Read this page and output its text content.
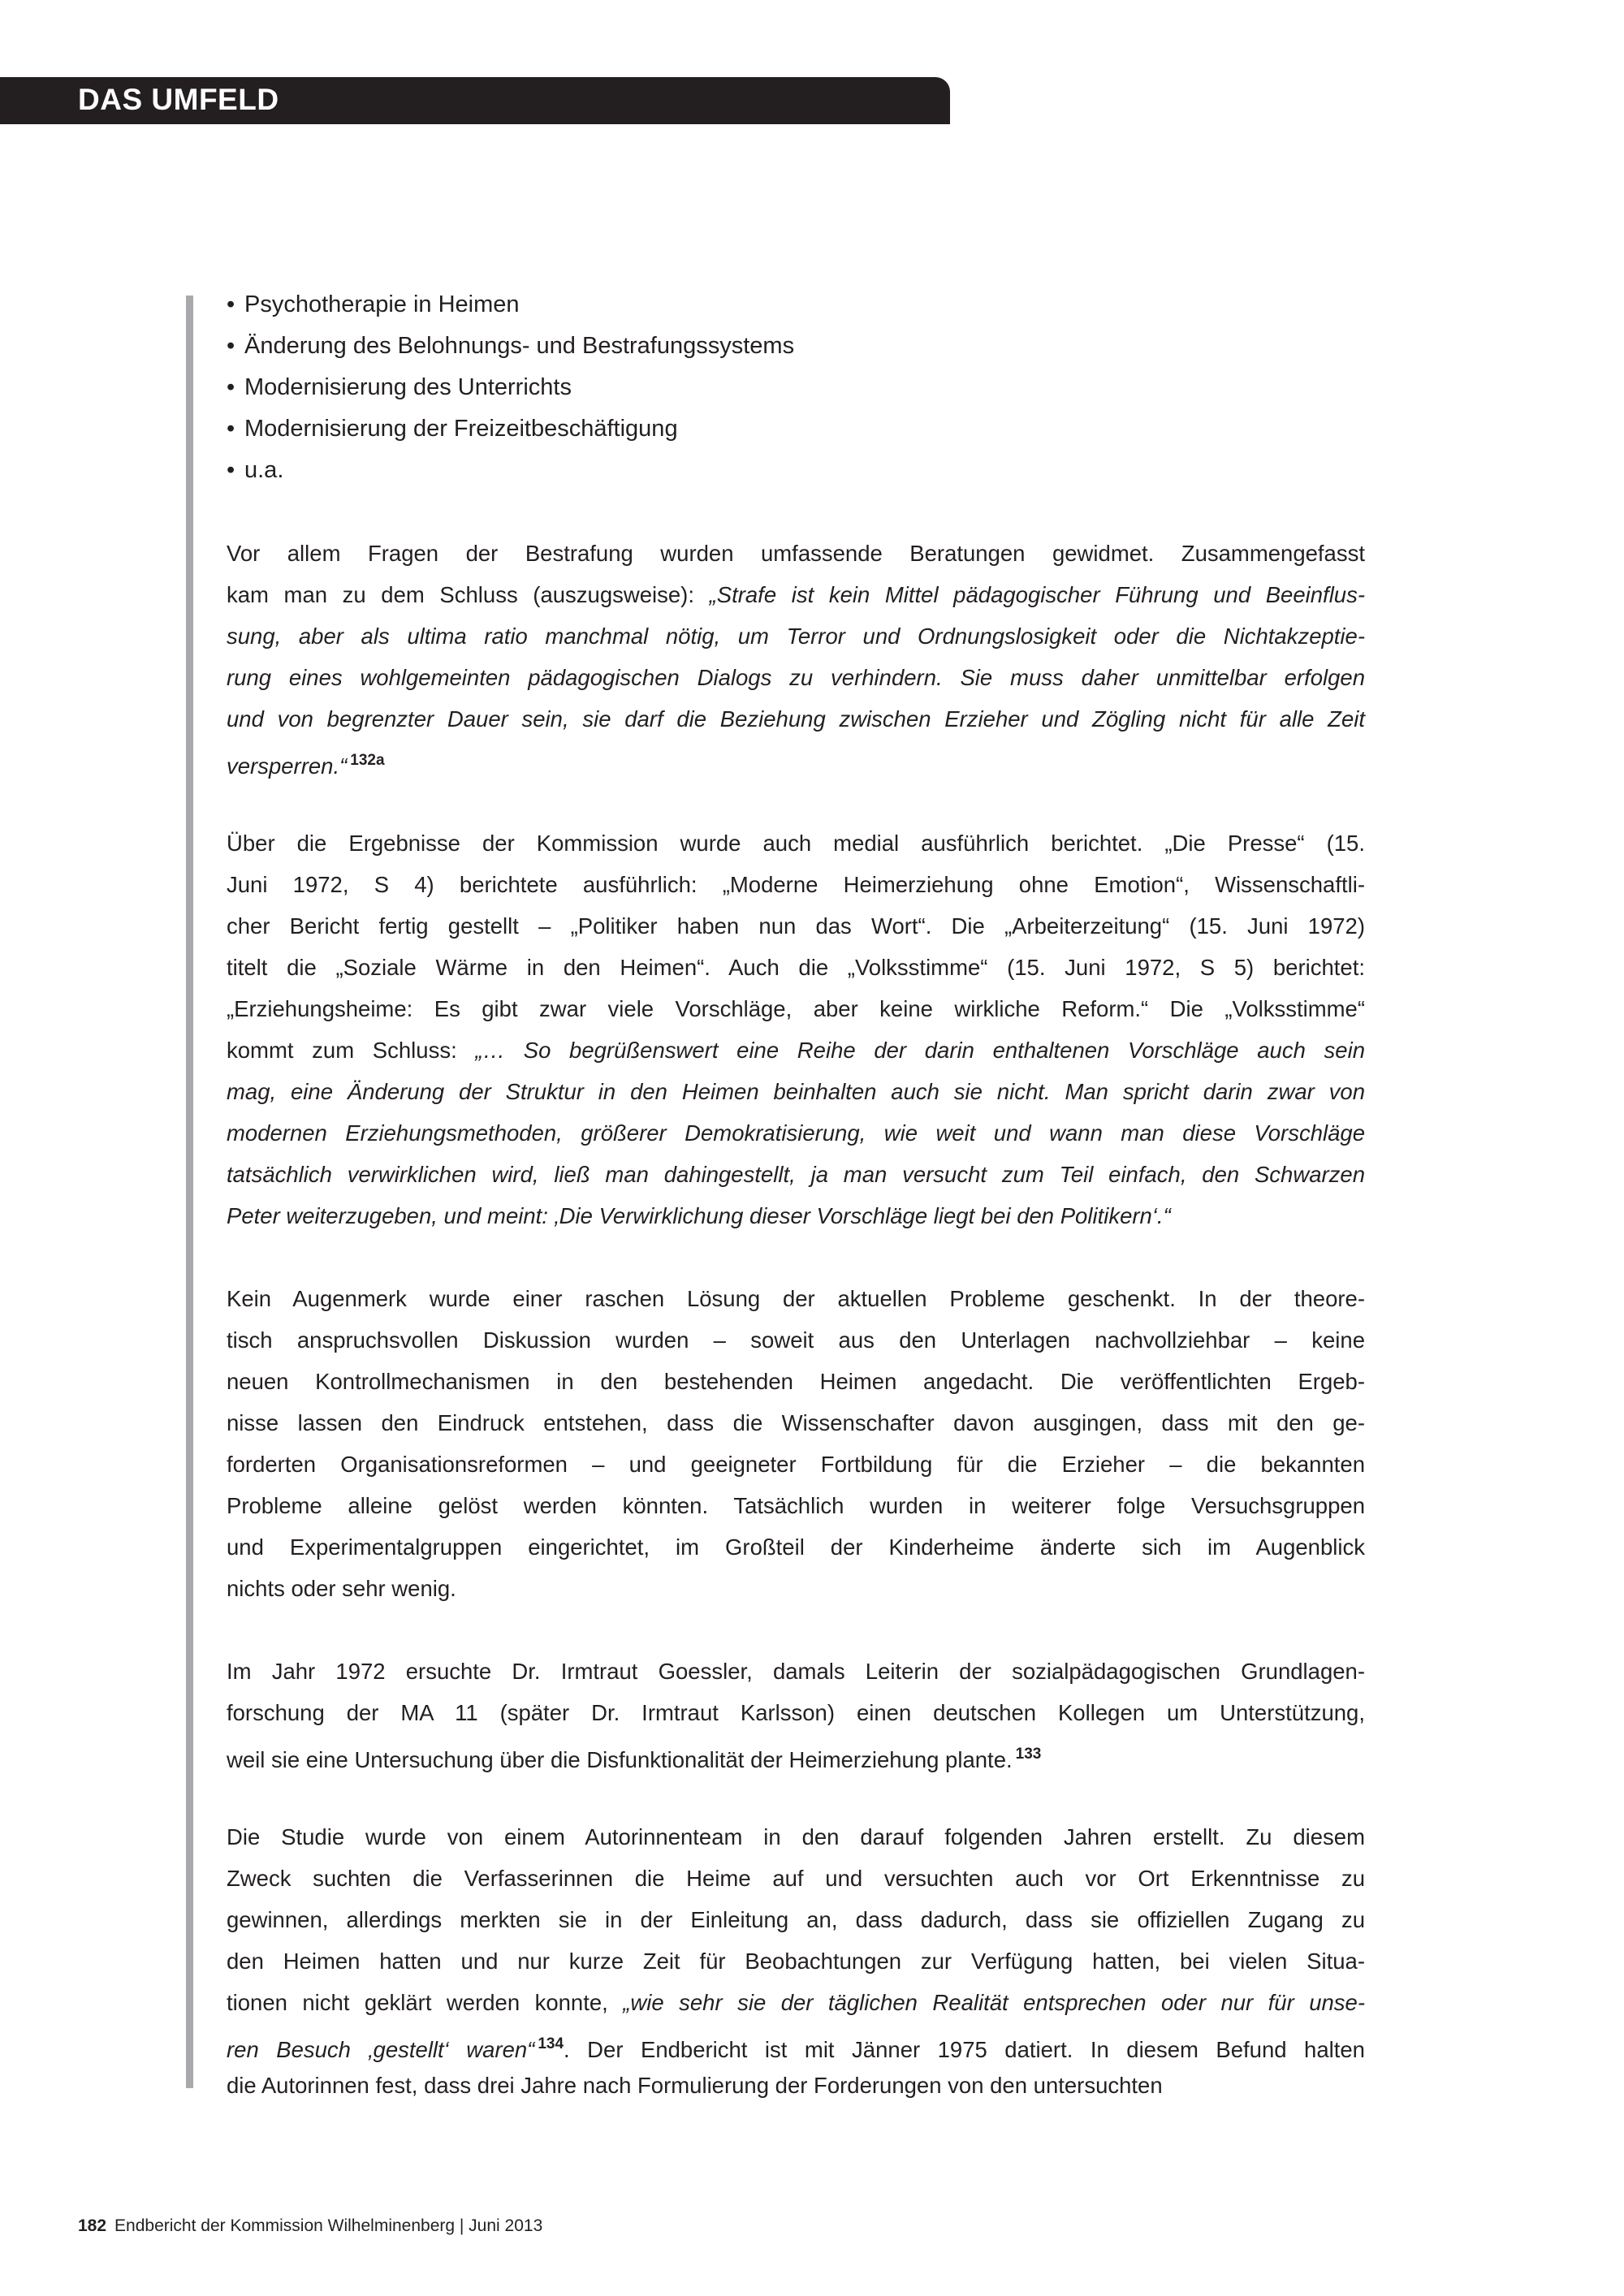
DAS UMFELD
• Psychotherapie in Heimen
• Änderung des Belohnungs- und Bestrafungssystems
• Modernisierung des Unterrichts
• Modernisierung der Freizeitbeschäftigung
• u.a.
Vor allem Fragen der Bestrafung wurden umfassende Beratungen gewidmet. Zusammengefasst
kam man zu dem Schluss (auszugsweise): „Strafe ist kein Mittel pädagogischer Führung und Beeinflus-
sung, aber als ultima ratio manchmal nötig, um Terror und Ordnungslosigkeit oder die Nichtakzeptie-
rung eines wohlgemeinten pädagogischen Dialogs zu verhindern. Sie muss daher unmittelbar erfolgen
und von begrenzter Dauer sein, sie darf die Beziehung zwischen Erzieher und Zögling nicht für alle Zeit
versperren.“ $^{132a}$
Über die Ergebnisse der Kommission wurde auch medial ausführlich berichtet. „Die Presse“ (15.
Juni 1972, S 4) berichtete ausführlich: „Moderne Heimerziehung ohne Emotion“, Wissenschaftli-
cher Bericht fertig gestellt – „Politiker haben nun das Wort“. Die „Arbeiterzeitung“ (15. Juni 1972)
titelt die „Soziale Wärme in den Heimen“. Auch die „Volksstimme“ (15. Juni 1972, S 5) berichtet:
„Erziehungsheime: Es gibt zwar viele Vorschläge, aber keine wirkliche Reform.“ Die „Volksstimme“
kommt zum Schluss: „… So begrüßenswert eine Reihe der darin enthaltenen Vorschläge auch sein
mag, eine Änderung der Struktur in den Heimen beinhalten auch sie nicht. Man spricht darin zwar von
modernen Erziehungsmethoden, größerer Demokratisierung, wie weit und wann man diese Vorschläge
tatsächlich verwirklichen wird, ließ man dahingestellt, ja man versucht zum Teil einfach, den Schwarzen
Peter weiterzugeben, und meint: ‚Die Verwirklichung dieser Vorschläge liegt bei den Politikern‘.“
Kein Augenmerk wurde einer raschen Lösung der aktuellen Probleme geschenkt. In der theore-
tisch anspruchsvollen Diskussion wurden – soweit aus den Unterlagen nachvollziehbar – keine
neuen Kontrollmechanismen in den bestehenden Heimen angedacht. Die veröffentlichten Ergeb-
nisse lassen den Eindruck entstehen, dass die Wissenschafter davon ausgingen, dass mit den ge-
forderten Organisationsreformen – und geeigneter Fortbildung für die Erzieher – die bekannten
Probleme alleine gelöst werden könnten. Tatsächlich wurden in weiterer folge Versuchsgruppen
und Experimentalgruppen eingerichtet, im Großteil der Kinderheime änderte sich im Augenblick
nichts oder sehr wenig.
Im Jahr 1972 ersuchte Dr. Irmtraut Goessler, damals Leiterin der sozialpädagogischen Grundlagen-
forschung der MA 11 (später Dr. Irmtraut Karlsson) einen deutschen Kollegen um Unterstützung,
weil sie eine Untersuchung über die Disfunktionalität der Heimerziehung plante. $^{133}$
Die Studie wurde von einem Autorinnenteam in den darauf folgenden Jahren erstellt. Zu diesem
Zweck suchten die Verfasserinnen die Heime auf und versuchten auch vor Ort Erkenntnisse zu
gewinnen, allerdings merkten sie in der Einleitung an, dass dadurch, dass sie offiziellen Zugang zu
den Heimen hatten und nur kurze Zeit für Beobachtungen zur Verfügung hatten, bei vielen Situa-
tionen nicht geklärt werden konnte, „wie sehr sie der täglichen Realität entsprechen oder nur für unse-
ren Besuch ‚gestellt‘ waren“ $^{134}$. Der Endbericht ist mit Jänner 1975 datiert. In diesem Befund halten
die Autorinnen fest, dass drei Jahre nach Formulierung der Forderungen von den untersuchten
182 Endbericht der Kommission Wilhelminenberg | Juni 2013
